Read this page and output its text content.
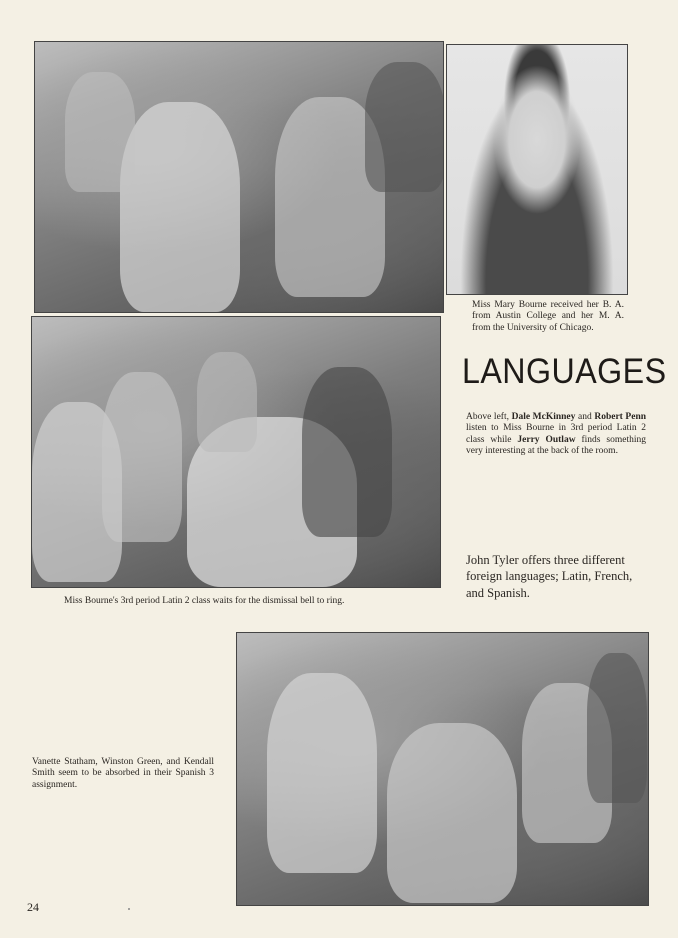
Miss Mary Bourne received her B. A. from Austin College and her M. A. from the University of Chicago.

LANGUAGES

Above left, Dale McKinney and Robert Penn listen to Miss Bourne in 3rd period Latin 2 class while Jerry Outlaw finds something very interesting at the back of the room.

Miss Bourne's 3rd period Latin 2 class waits for the dismissal bell to ring.

John Tyler offers three different foreign languages; Latin, French, and Spanish.

Vanette Statham, Winston Green, and Kendall Smith seem to be absorbed in their Spanish 3 assignment.

24
